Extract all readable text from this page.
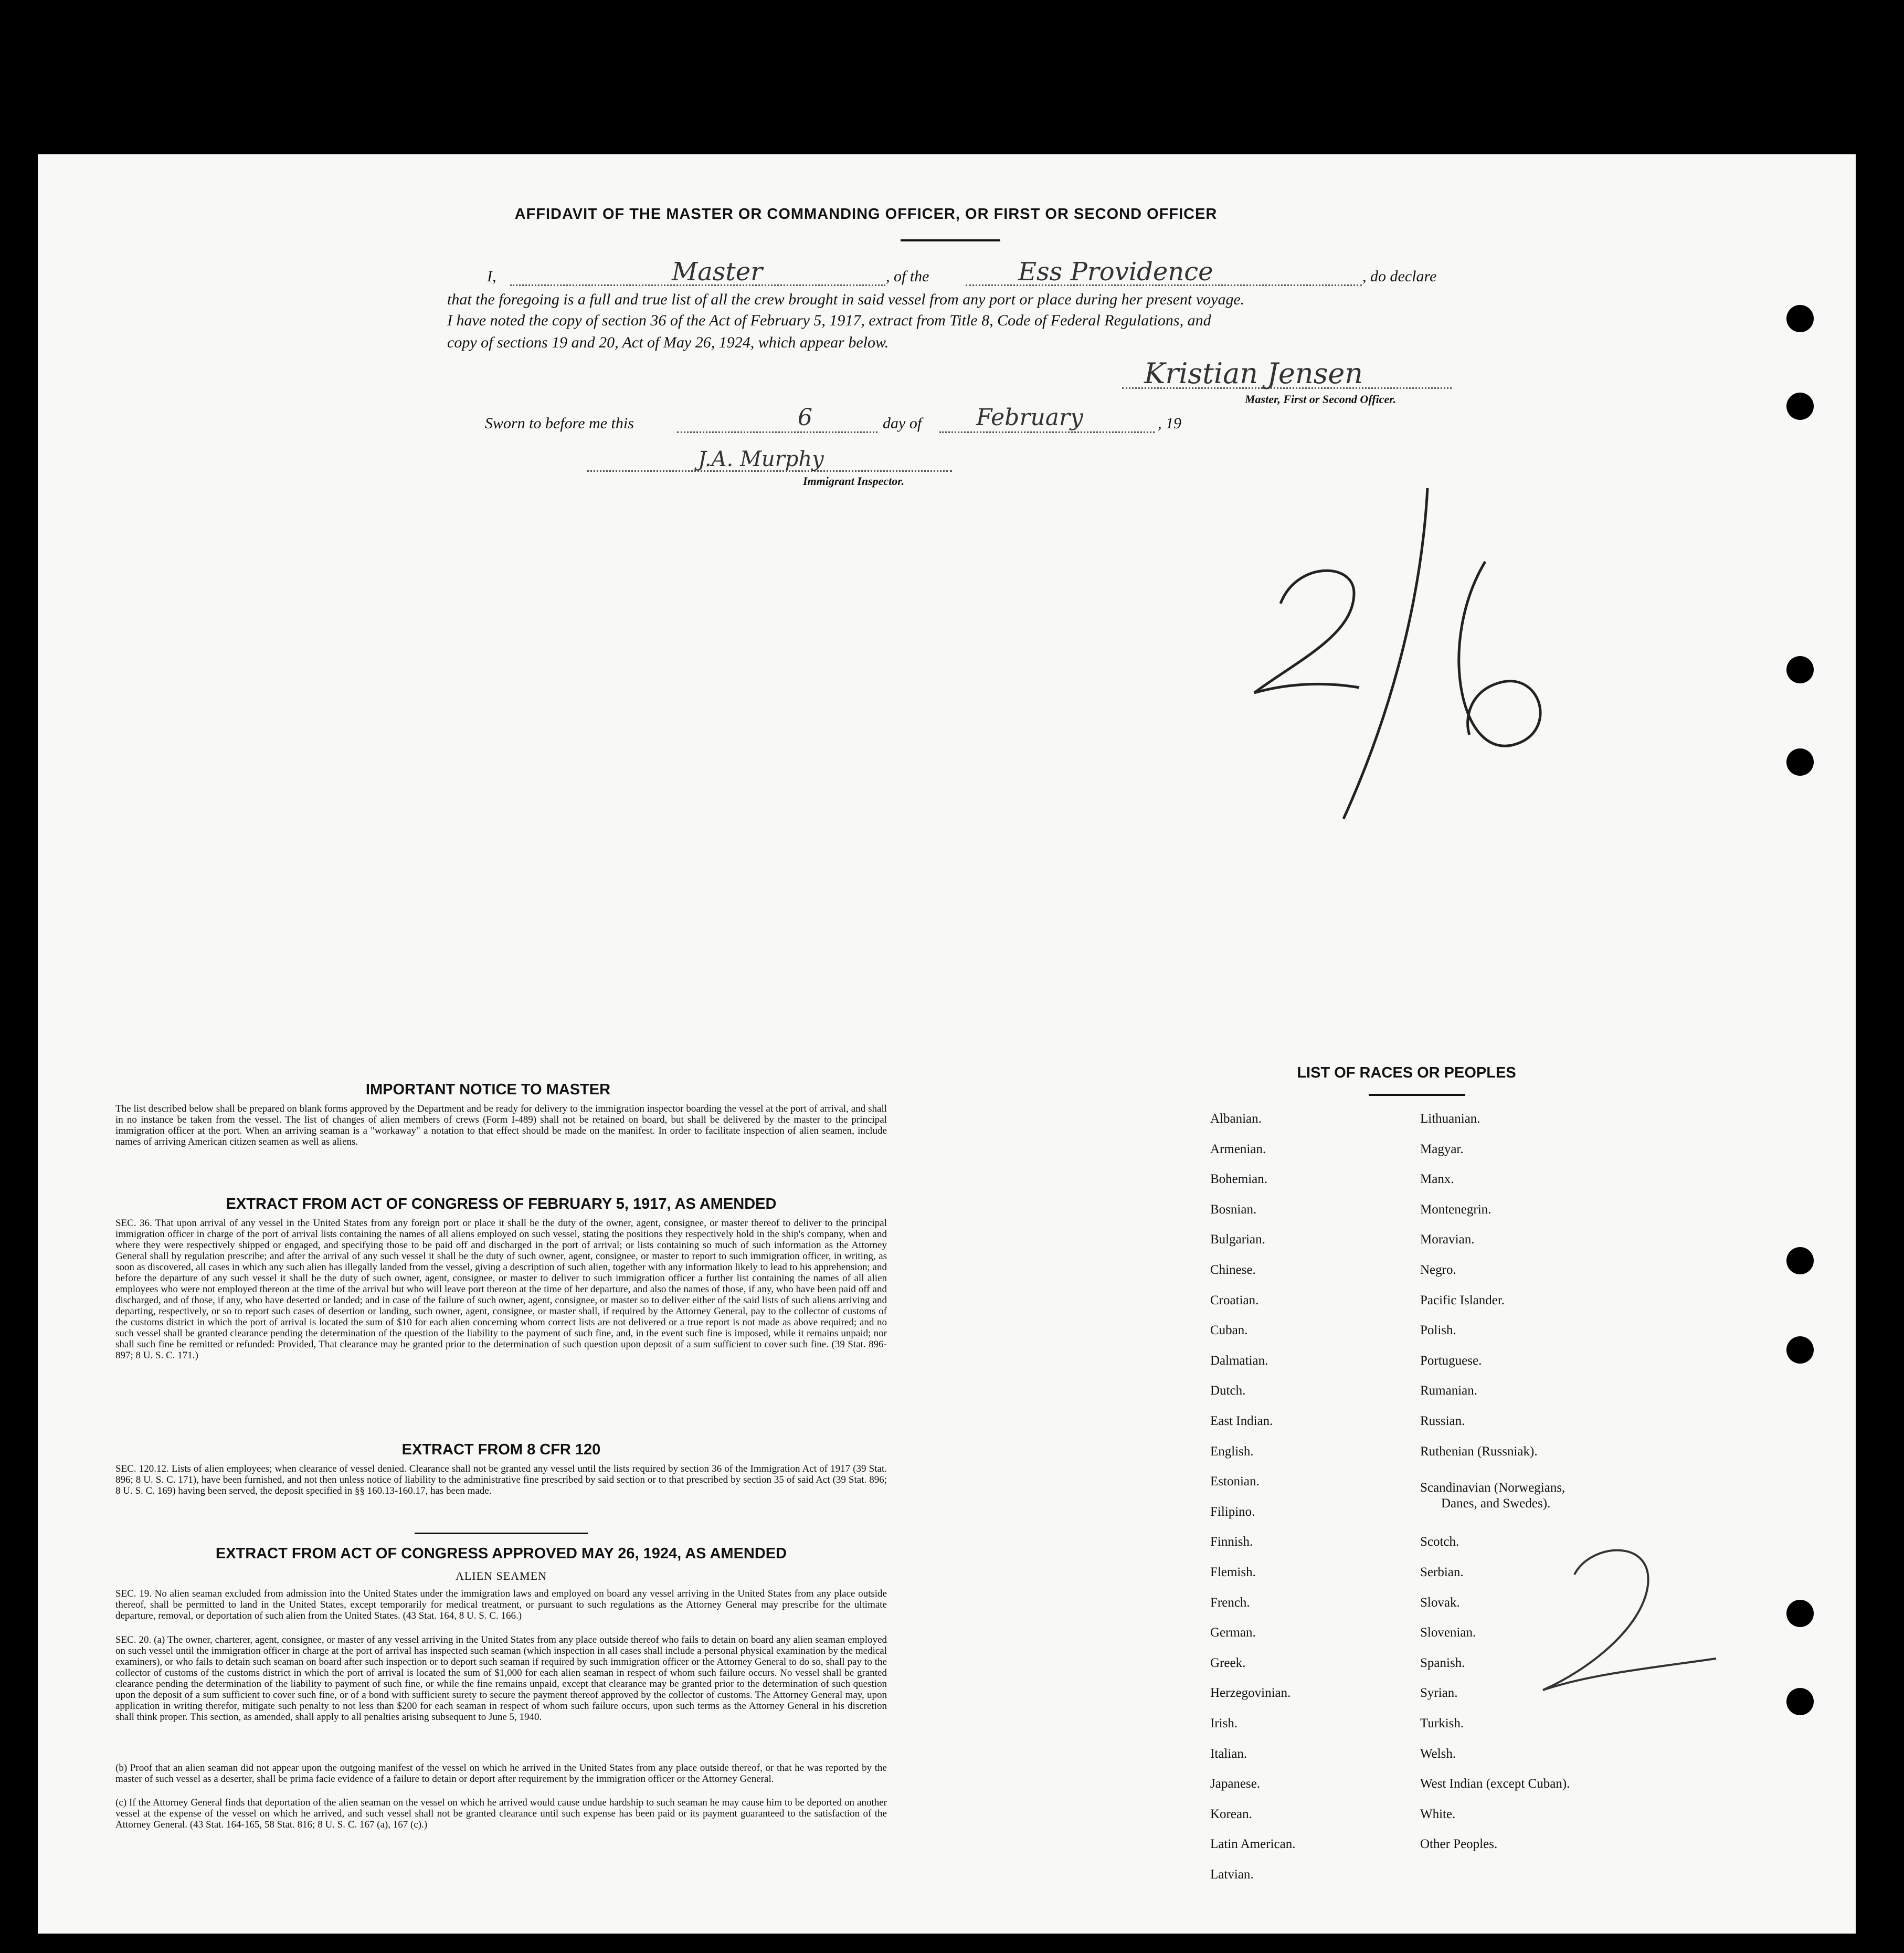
AFFIDAVIT OF THE MASTER OR COMMANDING OFFICER, OR FIRST OR SECOND OFFICER
I,	Master	, of the	Ess Providence	, do declare
that the foregoing is a full and true list of all the crew brought in said vessel from any port or place during her present voyage.
I have noted the copy of section 36 of the Act of February 5, 1917, extract from Title 8, Code of Federal Regulations, and
copy of sections 19 and 20, Act of May 26, 1924, which appear below.
Kristian Jensen
Master, First or Second Officer.
Sworn to before me this	6	day of February	, 19
J.A. Murphy
Immigrant Inspector.
IMPORTANT NOTICE TO MASTER
The list described below shall be prepared on blank forms approved by the Department and be ready for delivery to the immigration inspector boarding the vessel at the port of arrival, and shall in no instance be taken from the vessel. The list of changes of alien members of crews (Form I-489) shall not be retained on board, but shall be delivered by the master to the principal immigration officer at the port. When an arriving seaman is a "workaway" a notation to that effect should be made on the manifest. In order to facilitate inspection of alien seamen, include names of arriving American citizen seamen as well as aliens.
EXTRACT FROM ACT OF CONGRESS OF FEBRUARY 5, 1917, AS AMENDED
SEC. 36. That upon arrival of any vessel in the United States from any foreign port or place it shall be the duty of the owner, agent, consignee, or master thereof to deliver to the principal immigration officer in charge of the port of arrival lists containing the names of all aliens employed on such vessel, stating the positions they respectively hold in the ship's company, when and where they were respectively shipped or engaged, and specifying those to be paid off and discharged in the port of arrival; or lists containing so much of such information as the Attorney General shall by regulation prescribe; and after the arrival of any such vessel it shall be the duty of such owner, agent, consignee, or master to report to such immigration officer, in writing, as soon as discovered, all cases in which any such alien has illegally landed from the vessel, giving a description of such alien, together with any information likely to lead to his apprehension; and before the departure of any such vessel it shall be the duty of such owner, agent, consignee, or master to deliver to such immigration officer a further list containing the names of all alien employees who were not employed thereon at the time of the arrival but who will leave port thereon at the time of her departure, and also the names of those, if any, who have been paid off and discharged, and of those, if any, who have deserted or landed; and in case of the failure of such owner, agent, consignee, or master so to deliver either of the said lists of such aliens arriving and departing, respectively, or so to report such cases of desertion or landing, such owner, agent, consignee, or master shall, if required by the Attorney General, pay to the collector of customs of the customs district in which the port of arrival is located the sum of $10 for each alien concerning whom correct lists are not delivered or a true report is not made as above required; and no such vessel shall be granted clearance pending the determination of the question of the liability to the payment of such fine, and, in the event such fine is imposed, while it remains unpaid; nor shall such fine be remitted or refunded: Provided, That clearance may be granted prior to the determination of such question upon deposit of a sum sufficient to cover such fine. (39 Stat. 896-897; 8 U. S. C. 171.)
EXTRACT FROM 8 CFR 120
SEC. 120.12. Lists of alien employees; when clearance of vessel denied. Clearance shall not be granted any vessel until the lists required by section 36 of the Immigration Act of 1917 (39 Stat. 896; 8 U. S. C. 171), have been furnished, and not then unless notice of liability to the administrative fine prescribed by said section or to that prescribed by section 35 of said Act (39 Stat. 896; 8 U. S. C. 169) having been served, the deposit specified in §§ 160.13-160.17, has been made.
EXTRACT FROM ACT OF CONGRESS APPROVED MAY 26, 1924, AS AMENDED
ALIEN SEAMEN
SEC. 19. No alien seaman excluded from admission into the United States under the immigration laws and employed on board any vessel arriving in the United States from any place outside thereof, shall be permitted to land in the United States, except temporarily for medical treatment, or pursuant to such regulations as the Attorney General may prescribe for the ultimate departure, removal, or deportation of such alien from the United States. (43 Stat. 164, 8 U. S. C. 166.)
SEC. 20. (a) The owner, charterer, agent, consignee, or master of any vessel arriving in the United States from any place outside thereof who fails to detain on board any alien seaman employed on such vessel until the immigration officer in charge at the port of arrival has inspected such seaman (which inspection in all cases shall include a personal physical examination by the medical examiners), or who fails to detain such seaman on board after such inspection or to deport such seaman if required by such immigration officer or the Attorney General to do so, shall pay to the collector of customs of the customs district in which the port of arrival is located the sum of $1,000 for each alien seaman in respect of whom such failure occurs. No vessel shall be granted clearance pending the determination of the liability to payment of such fine, or while the fine remains unpaid, except that clearance may be granted prior to the determination of such question upon the deposit of a sum sufficient to cover such fine, or of a bond with sufficient surety to secure the payment thereof approved by the collector of customs. The Attorney General may, upon application in writing therefor, mitigate such penalty to not less than $200 for each seaman in respect of whom such failure occurs, upon such terms as the Attorney General in his discretion shall think proper. This section, as amended, shall apply to all penalties arising subsequent to June 5, 1940.
(b) Proof that an alien seaman did not appear upon the outgoing manifest of the vessel on which he arrived in the United States from any place outside thereof, or that he was reported by the master of such vessel as a deserter, shall be prima facie evidence of a failure to detain or deport after requirement by the immigration officer or the Attorney General.
(c) If the Attorney General finds that deportation of the alien seaman on the vessel on which he arrived would cause undue hardship to such seaman he may cause him to be deported on another vessel at the expense of the vessel on which he arrived, and such vessel shall not be granted clearance until such expense has been paid or its payment guaranteed to the satisfaction of the Attorney General. (43 Stat. 164-165, 58 Stat. 816; 8 U. S. C. 167 (a), 167 (c).)
LIST OF RACES OR PEOPLES
Albanian.
Armenian.
Bohemian.
Bosnian.
Bulgarian.
Chinese.
Croatian.
Cuban.
Dalmatian.
Dutch.
East Indian.
English.
Estonian.
Filipino.
Finnish.
Flemish.
French.
German.
Greek.
Herzegovinian.
Irish.
Italian.
Japanese.
Korean.
Latin American.
Latvian.
Lithuanian.
Magyar.
Manx.
Montenegrin.
Moravian.
Negro.
Pacific Islander.
Polish.
Portuguese.
Rumanian.
Russian.
Ruthenian (Russniak).
Scandinavian (Norwegians,
Danes, and Swedes).
Scotch.
Serbian.
Slovak.
Slovenian.
Spanish.
Syrian.
Turkish.
Welsh.
West Indian (except Cuban).
White.
Other Peoples.
